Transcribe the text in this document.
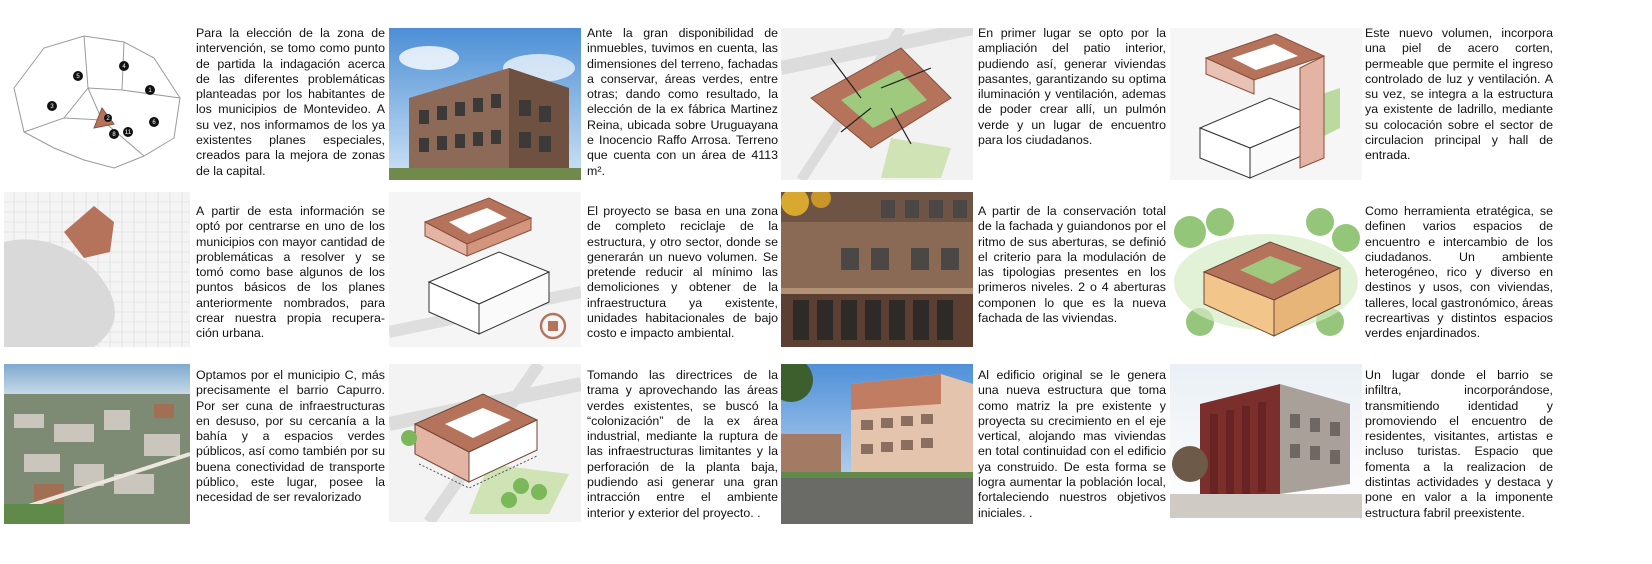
5
4
3
1
2
6
8 11

Para la elección de la zona de intervención, se tomo como punto de partida la indagación acerca de las diferentes problemáticas planteadas por los habitantes de los municipios de Montevideo. A su vez, nos informamos de los ya existentes planes especiales, creados para la mejora de zonas de la capital.

Ante la gran disponibilidad de inmuebles, tuvimos en cuenta, las dimensiones del terreno, fachadas a conservar, áreas verdes, entre otras; dando como resultado, la elección de la ex fábrica Martinez Reina, ubicada sobre Uruguayana e Inocencio Raffo Arrosa. Terreno que cuenta con un área de 4113 m².

En primer lugar se opto por la ampliación del patio interior, pudiendo así, generar viviendas pasantes, garantizando su optima iluminación y ventilación, ademas de poder crear allí, un pulmón verde y un lugar de encuentro para los ciudadanos.

Este nuevo volumen, incorpora una piel de acero corten, permeable que permite el ingreso controlado de luz y ventilación. A su vez, se integra a la estructura ya existente de ladrillo, mediante su colocación sobre el sector de circulacion principal y hall de entrada.

A partir de esta información se optó por centrarse en uno de los municipios con mayor cantidad de problemáticas a resolver y se tomó como base algunos de los puntos básicos de los planes anteriormente nombrados, para crear nuestra propia recupera- ción urbana.

El proyecto se basa en una zona de completo reciclaje de la estructura, y otro sector, donde se generarán un nuevo volumen. Se pretende reducir al mínimo las demoliciones y obtener de la infraestructura ya existente, unidades habitacionales de bajo costo e impacto ambiental.

A partir de la conservación total de la fachada y guiandonos por el ritmo de sus aberturas, se definió el criterio para la modulación de las tipologias presentes en los primeros niveles. 2 o 4 aberturas componen lo que es la nueva fachada de las viviendas.

Como herramienta etratégica, se definen varios espacios de encuentro e intercambio de los ciudadanos. Un ambiente heterogéneo, rico y diverso en destinos y usos, con viviendas, talleres, local gastronómico, áreas recreartivas y distintos espacios verdes enjardinados.

Optamos por el municipio C, más precisamente el barrio Capurro. Por ser cuna de infraestructuras en desuso, por su cercanía a la bahía y a espacios verdes públicos, así como también por su buena conectividad de transporte público, este lugar, posee la necesidad de ser revalorizado

Tomando las directrices de la trama y aprovechando las áreas verdes existentes, se buscó la “colonización” de la ex área industrial, mediante la ruptura de las infraestructuras limitantes y la perforación de la planta baja, pudiendo asi generar una gran intracción entre el ambiente interior y exterior del proyecto. .

Al edificio original se le genera una nueva estructura que toma como matriz la pre existente y proyecta su crecimiento en el eje vertical, alojando mas viviendas en total continuidad con el edificio ya construido. De esta forma se logra aumentar la población local, fortaleciendo nuestros objetivos iniciales. .

Un lugar donde el barrio se infiltra, incorporándose, transmitiendo identidad y promoviendo el encuentro de residentes, visitantes, artistas e incluso turistas. Espacio que fomenta a la realizacion de distintas actividades y destaca y pone en valor a la imponente estructura fabril preexistente.
